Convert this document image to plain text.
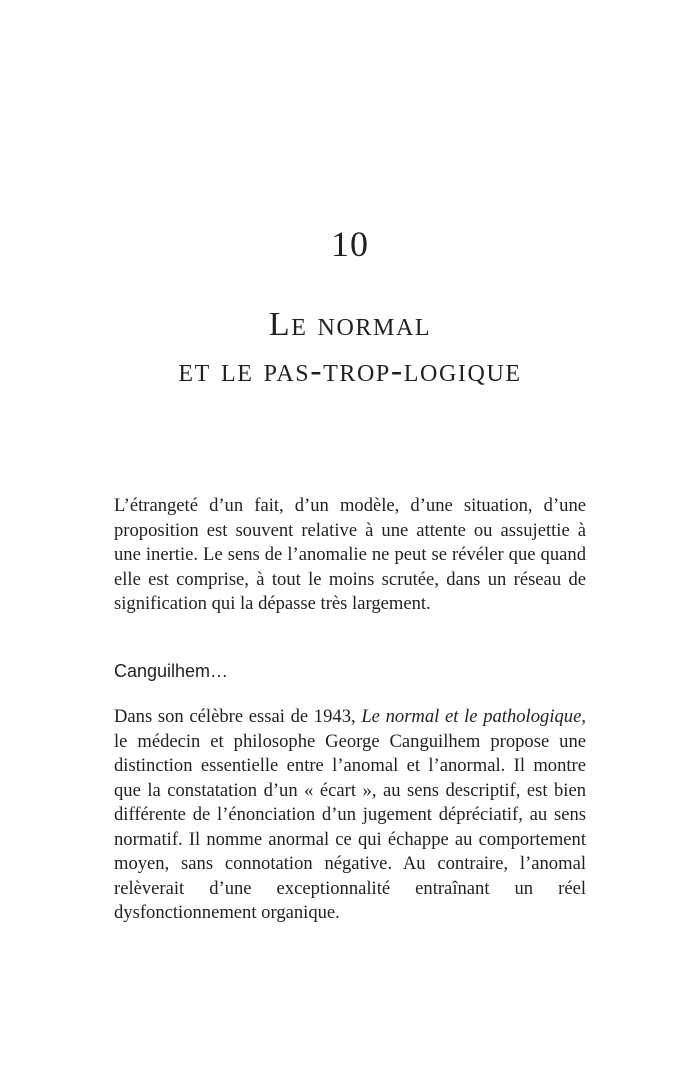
10
Le normal
et le pas-trop-logique

L’étrangeté d’un fait, d’un modèle, d’une situation, d’une proposition est souvent relative à une attente ou assujettie à une inertie. Le sens de l’anomalie ne peut se révéler que quand elle est comprise, à tout le moins scrutée, dans un réseau de signification qui la dépasse très largement.

Canguilhem…

Dans son célèbre essai de 1943, Le normal et le pathologique, le médecin et philosophe George Canguilhem propose une distinction essentielle entre l’anomal et l’anormal. Il montre que la constatation d’un « écart », au sens descriptif, est bien différente de l’énonciation d’un jugement dépréciatif, au sens normatif. Il nomme anormal ce qui échappe au comportement moyen, sans connotation négative. Au contraire, l’anomal relèverait d’une exceptionnalité entraînant un réel dysfonctionnement organique.
